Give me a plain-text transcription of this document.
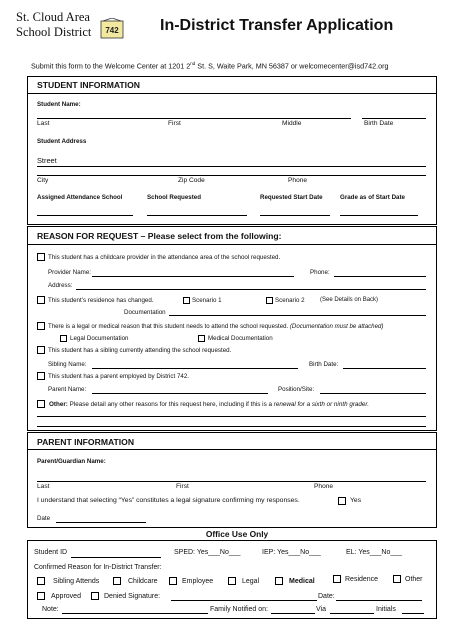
St. Cloud Area
School District 742	In-District Transfer Application
Submit this form to the Welcome Center at 1201 2nd St. S, Waite Park, MN 56387 or welcomecenter@isd742.org
STUDENT INFORMATION
Student Name:
Last	First	Middle	Birth Date
Student Address
Street
City	Zip Code	Phone
Assigned Attendance School	School Requested	Requested Start Date	Grade as of Start Date
REASON FOR REQUEST – Please select from the following:
This student has a childcare provider in the attendance area of the school requested.
Provider Name:	Phone:
Address:
This student’s residence has changed.	Scenario 1	Scenario 2	(See Details on Back)
Documentation
There is a legal or medical reason that this student needs to attend the school requested. (Documentation must be attached)
Legal Documentation	Medical Documentation
This student has a sibling currently attending the school requested.
Sibling Name:	Birth Date:
This student has a parent employed by District 742.
Parent Name:	Position/Site:
Other: Please detail any other reasons for this request here, including if this is a renewal for a sixth or ninth grader.
PARENT INFORMATION
Parent/Guardian Name:
Last	First	Phone
I understand that selecting “Yes” constitutes a legal signature confirming my responses.	Yes
Date
Office Use Only
Student ID	SPED: Yes___No___	IEP: Yes___No___	EL: Yes___No___
Confirmed Reason for In-District Transfer:
Sibling Attends	Childcare	Employee	Legal	Medical	Residence	Other
Approved	Denied Signature:	Date:
Note:	Family Notified on:	Via	Initials
